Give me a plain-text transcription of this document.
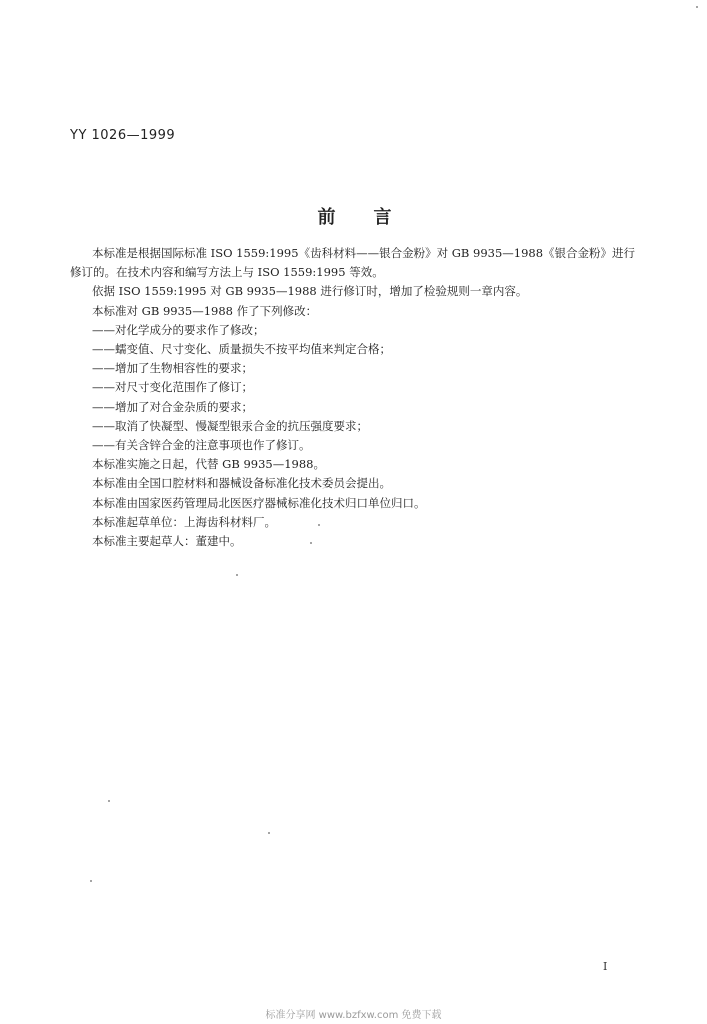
YY 1026—1999
前言

本标准是根据国际标准 ISO 1559:1995《齿科材料——银合金粉》对 GB 9935—1988《银合金粉》进行修订的。在技术内容和编写方法上与 ISO 1559:1995 等效。

依据 ISO 1559:1995 对 GB 9935—1988 进行修订时，增加了检验规则一章内容。

本标准对 GB 9935—1988 作了下列修改：

——对化学成分的要求作了修改；

——蠕变值、尺寸变化、质量损失不按平均值来判定合格；

——增加了生物相容性的要求；

——对尺寸变化范围作了修订；

——增加了对合金杂质的要求；

——取消了快凝型、慢凝型银汞合金的抗压强度要求；

——有关含锌合金的注意事项也作了修订。

本标准实施之日起，代替 GB 9935—1988。

本标准由全国口腔材料和器械设备标准化技术委员会提出。

本标准由国家医药管理局北医医疗器械标准化技术归口单位归口。

本标准起草单位：上海齿科材料厂。

本标准主要起草人：董建中。

I
标准分享网 www.bzfxw.com 免费下载
